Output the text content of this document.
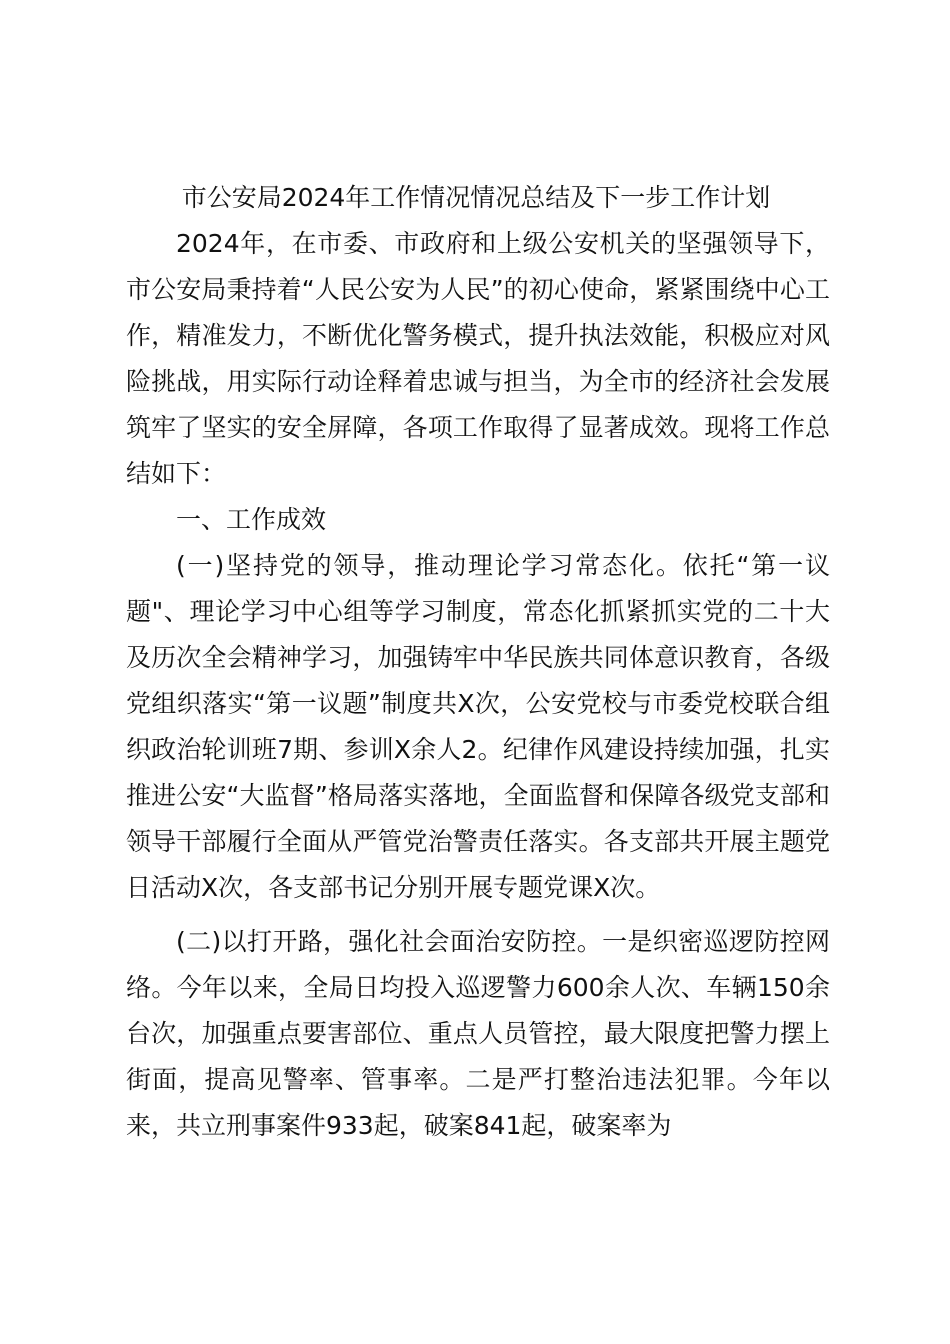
市公安局2024年工作情况情况总结及下一步工作计划

2024年，在市委、市政府和上级公安机关的坚强领导下，市公安局秉持着“人民公安为人民”的初心使命，紧紧围绕中心工作，精准发力，不断优化警务模式，提升执法效能，积极应对风险挑战，用实际行动诠释着忠诚与担当，为全市的经济社会发展筑牢了坚实的安全屏障，各项工作取得了显著成效。现将工作总结如下：

一、工作成效

(一)坚持党的领导，推动理论学习常态化。依托“第一议题"、理论学习中心组等学习制度，常态化抓紧抓实党的二十大及历次全会精神学习，加强铸牢中华民族共同体意识教育，各级党组织落实“第一议题”制度共X次，公安党校与市委党校联合组织政治轮训班7期、参训X余人2。纪律作风建设持续加强，扎实推进公安“大监督”格局落实落地，全面监督和保障各级党支部和领导干部履行全面从严管党治警责任落实。各支部共开展主题党日活动X次，各支部书记分别开展专题党课X次。

(二)以打开路，强化社会面治安防控。一是织密巡逻防控网络。今年以来，全局日均投入巡逻警力600余人次、车辆150余台次，加强重点要害部位、重点人员管控，最大限度把警力摆上街面，提高见警率、管事率。二是严打整治违法犯罪。今年以来，共立刑事案件933起，破案841起，破案率为
